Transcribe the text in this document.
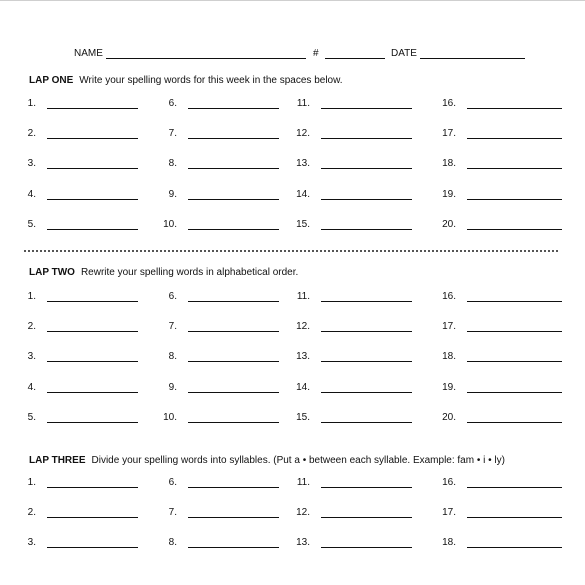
NAME	#	DATE
LAP ONE Write your spelling words for this week in the spaces below.
LAP TWO Rewrite your spelling words in alphabetical order.
LAP THREE Divide your spelling words into syllables. (Put a • between each syllable. Example: fam • i • ly)
1.
2.
3.
4.
5.
6.
7.
8.
9.
10.
11.
12.
13.
14.
15.
16.
17.
18.
19.
20.
1.
2.
3.
4.
5.
6.
7.
8.
9.
10.
11.
12.
13.
14.
15.
16.
17.
18.
19.
20.
1.
2.
3.
6.
7.
8.
11.
12.
13.
16.
17.
18.
